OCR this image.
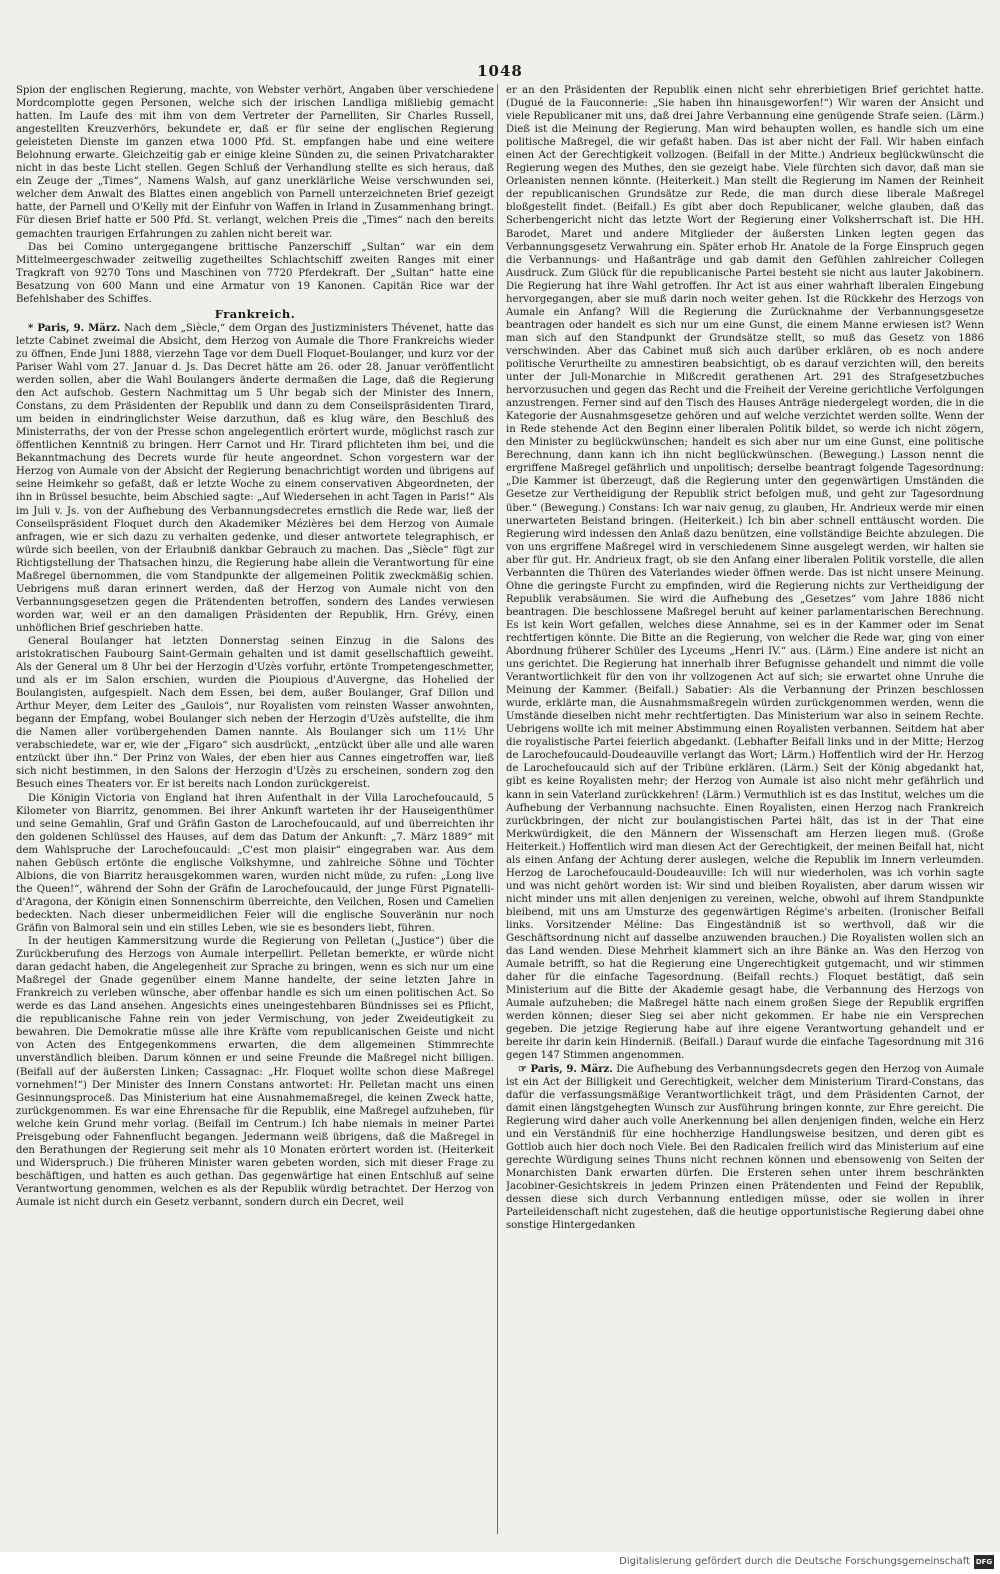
1048

Spion der englischen Regierung, machte, von Webster verhört, Angaben über verschiedene Mordcomplotte gegen Personen, welche sich der irischen Landliga mißliebig gemacht hatten. Im Laufe des mit ihm von dem Vertreter der Parnelliten, Sir Charles Russell, angestellten Kreuzverhörs, bekundete er, daß er für seine der englischen Regierung geleisteten Dienste im ganzen etwa 1000 Pfd. St. empfangen habe und eine weitere Belohnung erwarte. Gleichzeitig gab er einige kleine Sünden zu, die seinen Privatcharakter nicht in das beste Licht stellen. Gegen Schluß der Verhandlung stellte es sich heraus, daß ein Zeuge der „Times“, Namens Walsh, auf ganz unerklärliche Weise verschwunden sei, welcher dem Anwalt des Blattes einen angeblich von Parnell unterzeichneten Brief gezeigt hatte, der Parnell und O'Kelly mit der Einfuhr von Waffen in Irland in Zusammenhang bringt. Für diesen Brief hatte er 500 Pfd. St. verlangt, welchen Preis die „Times“ nach den bereits gemachten traurigen Erfahrungen zu zahlen nicht bereit war.

Das bei Comino untergegangene brittische Panzerschiff „Sultan“ war ein dem Mittelmeergeschwader zeitweilig zugetheiltes Schlachtschiff zweiten Ranges mit einer Tragkraft von 9270 Tons und Maschinen von 7720 Pferdekraft. Der „Sultan“ hatte eine Besatzung von 600 Mann und eine Armatur von 19 Kanonen. Capitän Rice war der Befehlshaber des Schiffes.

Frankreich.

* Paris, 9. März. Nach dem „Siècle,“ dem Organ des Justizministers Thévenet, hatte das letzte Cabinet zweimal die Absicht, dem Herzog von Aumale die Thore Frankreichs wieder zu öffnen, Ende Juni 1888, vierzehn Tage vor dem Duell Floquet-Boulanger, und kurz vor der Pariser Wahl vom 27. Januar d. Js. Das Decret hätte am 26. oder 28. Januar veröffentlicht werden sollen, aber die Wahl Boulangers änderte dermaßen die Lage, daß die Regierung den Act aufschob. Gestern Nachmittag um 5 Uhr begab sich der Minister des Innern, Constans, zu dem Präsidenten der Republik und dann zu dem Conseilspräsidenten Tirard, um beiden in eindringlichster Weise darzuthun, daß es klug wäre, den Beschluß des Ministerraths, der von der Presse schon angelegentlich erörtert wurde, möglichst rasch zur öffentlichen Kenntniß zu bringen. Herr Carnot und Hr. Tirard pflichteten ihm bei, und die Bekanntmachung des Decrets wurde für heute angeordnet. Schon vorgestern war der Herzog von Aumale von der Absicht der Regierung benachrichtigt worden und übrigens auf seine Heimkehr so gefaßt, daß er letzte Woche zu einem conservativen Abgeordneten, der ihn in Brüssel besuchte, beim Abschied sagte: „Auf Wiedersehen in acht Tagen in Paris!“ Als im Juli v. Js. von der Aufhebung des Verbannungsdecretes ernstlich die Rede war, ließ der Conseilspräsident Floquet durch den Akademiker Mézières bei dem Herzog von Aumale anfragen, wie er sich dazu zu verhalten gedenke, und dieser antwortete telegraphisch, er würde sich beeilen, von der Erlaubniß dankbar Gebrauch zu machen. Das „Siècle“ fügt zur Richtigstellung der Thatsachen hinzu, die Regierung habe allein die Verantwortung für eine Maßregel übernommen, die vom Standpunkte der allgemeinen Politik zweckmäßig schien. Uebrigens muß daran erinnert werden, daß der Herzog von Aumale nicht von den Verbannungsgesetzen gegen die Prätendenten betroffen, sondern des Landes verwiesen worden war, weil er an den damaligen Präsidenten der Republik, Hrn. Grévy, einen unhöflichen Brief geschrieben hatte.

General Boulanger hat letzten Donnerstag seinen Einzug in die Salons des aristokratischen Faubourg Saint-Germain gehalten und ist damit gesellschaftlich geweiht. Als der General um 8 Uhr bei der Herzogin d'Uzès vorfuhr, ertönte Trompetengeschmetter, und als er im Salon erschien, wurden die Pioupious d'Auvergne, das Hohelied der Boulangisten, aufgespielt. Nach dem Essen, bei dem, außer Boulanger, Graf Dillon und Arthur Meyer, dem Leiter des „Gaulois“, nur Royalisten vom reinsten Wasser anwohnten, begann der Empfang, wobei Boulanger sich neben der Herzogin d'Uzès aufstellte, die ihm die Namen aller vorübergehenden Damen nannte. Als Boulanger sich um 11½ Uhr verabschiedete, war er, wie der „Figaro“ sich ausdrückt, „entzückt über alle und alle waren entzückt über ihn.“ Der Prinz von Wales, der eben hier aus Cannes eingetroffen war, ließ sich nicht bestimmen, in den Salons der Herzogin d'Uzès zu erscheinen, sondern zog den Besuch eines Theaters vor. Er ist bereits nach London zurückgereist.

Die Königin Victoria von England hat ihren Aufenthalt in der Villa Larochefoucauld, 5 Kilometer von Biarritz, genommen. Bei ihrer Ankunft warteten ihr der Hauseigenthümer und seine Gemahlin, Graf und Gräfin Gaston de Larochefoucauld, auf und überreichten ihr den goldenen Schlüssel des Hauses, auf dem das Datum der Ankunft: „7. März 1889“ mit dem Wahlspruche der Larochefoucauld: „C'est mon plaisir“ eingegraben war. Aus dem nahen Gebüsch ertönte die englische Volkshymne, und zahlreiche Söhne und Töchter Albions, die von Biarritz herausgekommen waren, wurden nicht müde, zu rufen: „Long live the Queen!“, während der Sohn der Gräfin de Larochefoucauld, der junge Fürst Pignatelli-d'Aragona, der Königin einen Sonnenschirm überreichte, den Veilchen, Rosen und Camelien bedeckten. Nach dieser unbermeidlichen Feier will die englische Souveränin nur noch Gräfin von Balmoral sein und ein stilles Leben, wie sie es besonders liebt, führen.

In der heutigen Kammersitzung wurde die Regierung von Pelletan („Justice“) über die Zurückberufung des Herzogs von Aumale interpellirt. Pelletan bemerkte, er würde nicht daran gedacht haben, die Angelegenheit zur Sprache zu bringen, wenn es sich nur um eine Maßregel der Gnade gegenüber einem Manne handelte, der seine letzten Jahre in Frankreich zu verleben wünsche, aber offenbar handle es sich um einen politischen Act. So werde es das Land ansehen. Angesichts eines uneingestehbaren Bündnisses sei es Pflicht, die republicanische Fahne rein von jeder Vermischung, von jeder Zweideutigkeit zu bewahren. Die Demokratie müsse alle ihre Kräfte vom republicanischen Geiste und nicht von Acten des Entgegenkommens erwarten, die dem allgemeinen Stimmrechte unverständlich bleiben. Darum können er und seine Freunde die Maßregel nicht billigen. (Beifall auf der äußersten Linken; Cassagnac: „Hr. Floquet wollte schon diese Maßregel vornehmen!“) Der Minister des Innern Constans antwortet: Hr. Pelletan macht uns einen Gesinnungsproceß. Das Ministerium hat eine Ausnahmemaßregel, die keinen Zweck hatte, zurückgenommen. Es war eine Ehrensache für die Republik, eine Maßregel aufzuheben, für welche kein Grund mehr vorlag. (Beifall im Centrum.) Ich habe niemals in meiner Partei Preisgebung oder Fahnenflucht begangen. Jedermann weiß übrigens, daß die Maßregel in den Berathungen der Regierung seit mehr als 10 Monaten erörtert worden ist. (Heiterkeit und Widerspruch.) Die früheren Minister waren gebeten worden, sich mit dieser Frage zu beschäftigen, und hatten es auch gethan. Das gegenwärtige hat einen Entschluß auf seine Verantwortung genommen, welchen es als der Republik würdig betrachtet. Der Herzog von Aumale ist nicht durch ein Gesetz verbannt, sondern durch ein Decret, weil

er an den Präsidenten der Republik einen nicht sehr ehrerbietigen Brief gerichtet hatte. (Dugué de la Fauconnerie: „Sie haben ihn hinausgeworfen!“) Wir waren der Ansicht und viele Republicaner mit uns, daß drei Jahre Verbannung eine genügende Strafe seien. (Lärm.) Dieß ist die Meinung der Regierung. Man wird behaupten wollen, es handle sich um eine politische Maßregel, die wir gefaßt haben. Das ist aber nicht der Fall. Wir haben einfach einen Act der Gerechtigkeit vollzogen. (Beifall in der Mitte.) Andrieux beglückwünscht die Regierung wegen des Muthes, den sie gezeigt habe. Viele fürchten sich davor, daß man sie Orleanisten nennen könnte. (Heiterkeit.) Man stellt die Regierung im Namen der Reinheit der republicanischen Grundsätze zur Rede, die man durch diese liberale Maßregel bloßgestellt findet. (Beifall.) Es gibt aber doch Republicaner, welche glauben, daß das Scherbengericht nicht das letzte Wort der Regierung einer Volksherrschaft ist. Die HH. Barodet, Maret und andere Mitglieder der äußersten Linken legten gegen das Verbannungsgesetz Verwahrung ein. Später erhob Hr. Anatole de la Forge Einspruch gegen die Verbannungs- und Haßanträge und gab damit den Gefühlen zahlreicher Collegen Ausdruck. Zum Glück für die republicanische Partei besteht sie nicht aus lauter Jakobinern. Die Regierung hat ihre Wahl getroffen. Ihr Act ist aus einer wahrhaft liberalen Eingebung hervorgegangen, aber sie muß darin noch weiter gehen. Ist die Rückkehr des Herzogs von Aumale ein Anfang? Will die Regierung die Zurücknahme der Verbannungsgesetze beantragen oder handelt es sich nur um eine Gunst, die einem Manne erwiesen ist? Wenn man sich auf den Standpunkt der Grundsätze stellt, so muß das Gesetz von 1886 verschwinden. Aber das Cabinet muß sich auch darüber erklären, ob es noch andere politische Verurtheilte zu amnestiren beabsichtigt, ob es darauf verzichten will, den bereits unter der Juli-Monarchie in Mißcredit gerathenen Art. 291 des Strafgesetzbuches hervorzusuchen und gegen das Recht und die Freiheit der Vereine gerichtliche Verfolgungen anzustrengen. Ferner sind auf den Tisch des Hauses Anträge niedergelegt worden, die in die Kategorie der Ausnahmsgesetze gehören und auf welche verzichtet werden sollte. Wenn der in Rede stehende Act den Beginn einer liberalen Politik bildet, so werde ich nicht zögern, den Minister zu beglückwünschen; handelt es sich aber nur um eine Gunst, eine politische Berechnung, dann kann ich ihn nicht beglückwünschen. (Bewegung.) Lasson nennt die ergriffene Maßregel gefährlich und unpolitisch; derselbe beantragt folgende Tagesordnung: „Die Kammer ist überzeugt, daß die Regierung unter den gegenwärtigen Umständen die Gesetze zur Vertheidigung der Republik strict befolgen muß, und geht zur Tagesordnung über.“ (Bewegung.) Constans: Ich war naiv genug, zu glauben, Hr. Andrieux werde mir einen unerwarteten Beistand bringen. (Heiterkeit.) Ich bin aber schnell enttäuscht worden. Die Regierung wird indessen den Anlaß dazu benützen, eine vollständige Beichte abzulegen. Die von uns ergriffene Maßregel wird in verschiedenem Sinne ausgelegt werden, wir halten sie aber für gut. Hr. Andrieux fragt, ob sie den Anfang einer liberalen Politik vorstelle, die allen Verbannten die Thüren des Vaterlandes wieder öffnen werde. Das ist nicht unsere Meinung. Ohne die geringste Furcht zu empfinden, wird die Regierung nichts zur Vertheidigung der Republik verabsäumen. Sie wird die Aufhebung des „Gesetzes“ vom Jahre 1886 nicht beantragen. Die beschlossene Maßregel beruht auf keiner parlamentarischen Berechnung. Es ist kein Wort gefallen, welches diese Annahme, sei es in der Kammer oder im Senat rechtfertigen könnte. Die Bitte an die Regierung, von welcher die Rede war, ging von einer Abordnung früherer Schüler des Lyceums „Henri IV.“ aus. (Lärm.) Eine andere ist nicht an uns gerichtet. Die Regierung hat innerhalb ihrer Befugnisse gehandelt und nimmt die volle Verantwortlichkeit für den von ihr vollzogenen Act auf sich; sie erwartet ohne Unruhe die Meinung der Kammer. (Beifall.) Sabatier: Als die Verbannung der Prinzen beschlossen wurde, erklärte man, die Ausnahmsmaßregeln würden zurückgenommen werden, wenn die Umstände dieselben nicht mehr rechtfertigten. Das Ministerium war also in seinem Rechte. Uebrigens wollte ich mit meiner Abstimmung einen Royalisten verbannen. Seitdem hat aber die royalistische Partei feierlich abgedankt. (Lebhafter Beifall links und in der Mitte; Herzog de Larochefoucauld-Doudeauville verlangt das Wort; Lärm.) Hoffentlich wird der Hr. Herzog de Larochefoucauld sich auf der Tribüne erklären. (Lärm.) Seit der König abgedankt hat, gibt es keine Royalisten mehr; der Herzog von Aumale ist also nicht mehr gefährlich und kann in sein Vaterland zurückkehren! (Lärm.) Vermuthlich ist es das Institut, welches um die Aufhebung der Verbannung nachsuchte. Einen Royalisten, einen Herzog nach Frankreich zurückbringen, der nicht zur boulangistischen Partei hält, das ist in der That eine Merkwürdigkeit, die den Männern der Wissenschaft am Herzen liegen muß. (Große Heiterkeit.) Hoffentlich wird man diesen Act der Gerechtigkeit, der meinen Beifall hat, nicht als einen Anfang der Achtung derer auslegen, welche die Republik im Innern verleumden. Herzog de Larochefoucauld-Doudeauville: Ich will nur wiederholen, was ich vorhin sagte und was nicht gehört worden ist: Wir sind und bleiben Royalisten, aber darum wissen wir nicht minder uns mit allen denjenigen zu vereinen, welche, obwohl auf ihrem Standpunkte bleibend, mit uns am Umsturze des gegenwärtigen Régime's arbeiten. (Ironischer Beifall links. Vorsitzender Méline: Das Eingeständniß ist so werthvoll, daß wir die Geschäftsordnung nicht auf dasselbe anzuwenden brauchen.) Die Royalisten wollen sich an das Land wenden. Diese Mehrheit klammert sich an ihre Bänke an. Was den Herzog von Aumale betrifft, so hat die Regierung eine Ungerechtigkeit gutgemacht, und wir stimmen daher für die einfache Tagesordnung. (Beifall rechts.) Floquet bestätigt, daß sein Ministerium auf die Bitte der Akademie gesagt habe, die Verbannung des Herzogs von Aumale aufzuheben; die Maßregel hätte nach einem großen Siege der Republik ergriffen werden können; dieser Sieg sei aber nicht gekommen. Er habe nie ein Versprechen gegeben. Die jetzige Regierung habe auf ihre eigene Verantwortung gehandelt und er bereite ihr darin kein Hinderniß. (Beifall.) Darauf wurde die einfache Tagesordnung mit 316 gegen 147 Stimmen angenommen.

☞ Paris, 9. März. Die Aufhebung des Verbannungsdecrets gegen den Herzog von Aumale ist ein Act der Billigkeit und Gerechtigkeit, welcher dem Ministerium Tirard-Constans, das dafür die verfassungsmäßige Verantwortlichkeit trägt, und dem Präsidenten Carnot, der damit einen längstgehegten Wunsch zur Ausführung bringen konnte, zur Ehre gereicht. Die Regierung wird daher auch volle Anerkennung bei allen denjenigen finden, welche ein Herz und ein Verständniß für eine hochherzige Handlungsweise besitzen, und deren gibt es Gottlob auch hier doch noch Viele. Bei den Radicalen freilich wird das Ministerium auf eine gerechte Würdigung seines Thuns nicht rechnen können und ebensowenig von Seiten der Monarchisten Dank erwarten dürfen. Die Ersteren sehen unter ihrem beschränkten Jacobiner-Gesichtskreis in jedem Prinzen einen Prätendenten und Feind der Republik, dessen diese sich durch Verbannung entledigen müsse, oder sie wollen in ihrer Parteileidenschaft nicht zugestehen, daß die heutige opportunistische Regierung dabei ohne sonstige Hintergedanken

Digitalisierung gefördert durch die Deutsche Forschungsgemeinschaft DFG
